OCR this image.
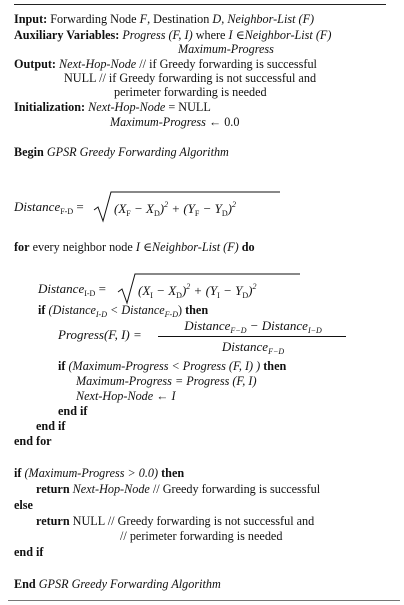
Input: Forwarding Node F, Destination D, Neighbor-List (F)
Auxiliary Variables: Progress (F, I) where I ∈Neighbor-List (F)
Maximum-Progress
Output: Next-Hop-Node // if Greedy forwarding is successful
NULL // if Greedy forwarding is not successful and
perimeter forwarding is needed
Initialization: Next-Hop-Node = NULL
Maximum-Progress ← 0.0
Begin GPSR Greedy Forwarding Algorithm
Distance$_{F-D}$ = $(X_F - X_D)^2 + (Y_F - Y_D)^2$
for every neighbor node I ∈Neighbor-List (F) do
Distance$_{I-D}$ = $(X_I - X_D)^2 + (Y_I - Y_D)^2$
if (Distance$_{I-D}$ < Distance$_{F-D}$) then
Progress(F, I) =
Distance$_{F-D}$ − Distance$_{I-D}$
Distance$_{F-D}$
if (Maximum-Progress < Progress (F, I) ) then
Maximum-Progress = Progress (F, I)
Next-Hop-Node ← I
end if
end if
end for
if (Maximum-Progress > 0.0) then
return Next-Hop-Node // Greedy forwarding is successful
else
return NULL // Greedy forwarding is not successful and
// perimeter forwarding is needed
end if
End GPSR Greedy Forwarding Algorithm
